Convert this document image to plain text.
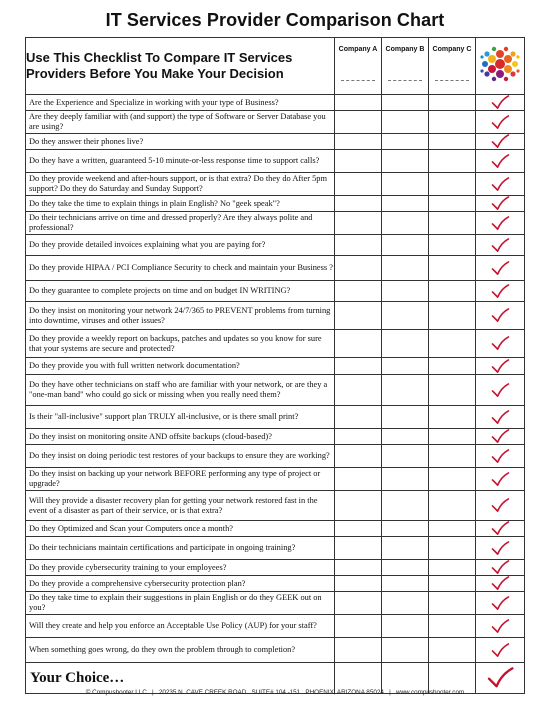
IT Services Provider Comparison Chart
Use This Checklist To Compare IT Services
Providers Before You Make Your Decision	Company A	Company B	Company C

Are the Experience and Specialize in working with your type of Business?				

Are they deeply familiar with (and support) the type of Software or Server Database you are using?				

Do they answer their phones live?				

Do they have a written, guaranteed 5-10 minute-or-less response time to support calls?				

Do they provide weekend and after-hours support, or is that extra? Do they do After 5pm support? Do they do Saturday and Sunday Support?				

Do they take the time to explain things in plain English? No "geek speak"?				

Do their technicians arrive on time and dressed properly? Are they always polite and professional?				

Do they provide detailed invoices explaining what you are paying for?				

Do they provide HIPAA / PCI Compliance Security to check and maintain your Business ?				

Do they guarantee to complete projects on time and on budget IN WRITING?				

Do they insist on monitoring your network 24/7/365 to PREVENT problems from turning into downtime, viruses and other issues?				

Do they provide a weekly report on backups, patches and updates so you know for sure that your systems are secure and protected?				

Do they provide you with full written network documentation?				

Do they have other technicians on staff who are familiar with your network, or are they a "one-man band" who could go sick or missing when you really need them?				

Is their "all-inclusive" support plan TRULY all-inclusive, or is there small print?				

Do they insist on monitoring onsite AND offsite backups (cloud-based)?				

Do they insist on doing periodic test restores of your backups to ensure they are working?				

Do they insist on backing up your network BEFORE performing any type of project or upgrade?				

Will they provide a disaster recovery plan for getting your network restored fast in the event of a disaster as part of their service, or is that extra?				

Do they Optimized and Scan your Computers once a month?				

Do their technicians maintain certifications and participate in ongoing training?				

Do they provide cybersecurity training to your employees?				

Do they provide a comprehensive cybersecurity protection plan?				

Do they take time to explain their suggestions in plain English or do they GEEK out on you?				

Will they create and help you enforce an Acceptable Use Policy (AUP) for your staff?				

When something goes wrong, do they own the problem through to completion?				

Your Choice…				
© Compushooter LLC   |   20235 N. CAVE CREEK ROAD   SUITE# 104 -151   PHOENIX, ARIZONA 85024   |   www.compushooter.com
